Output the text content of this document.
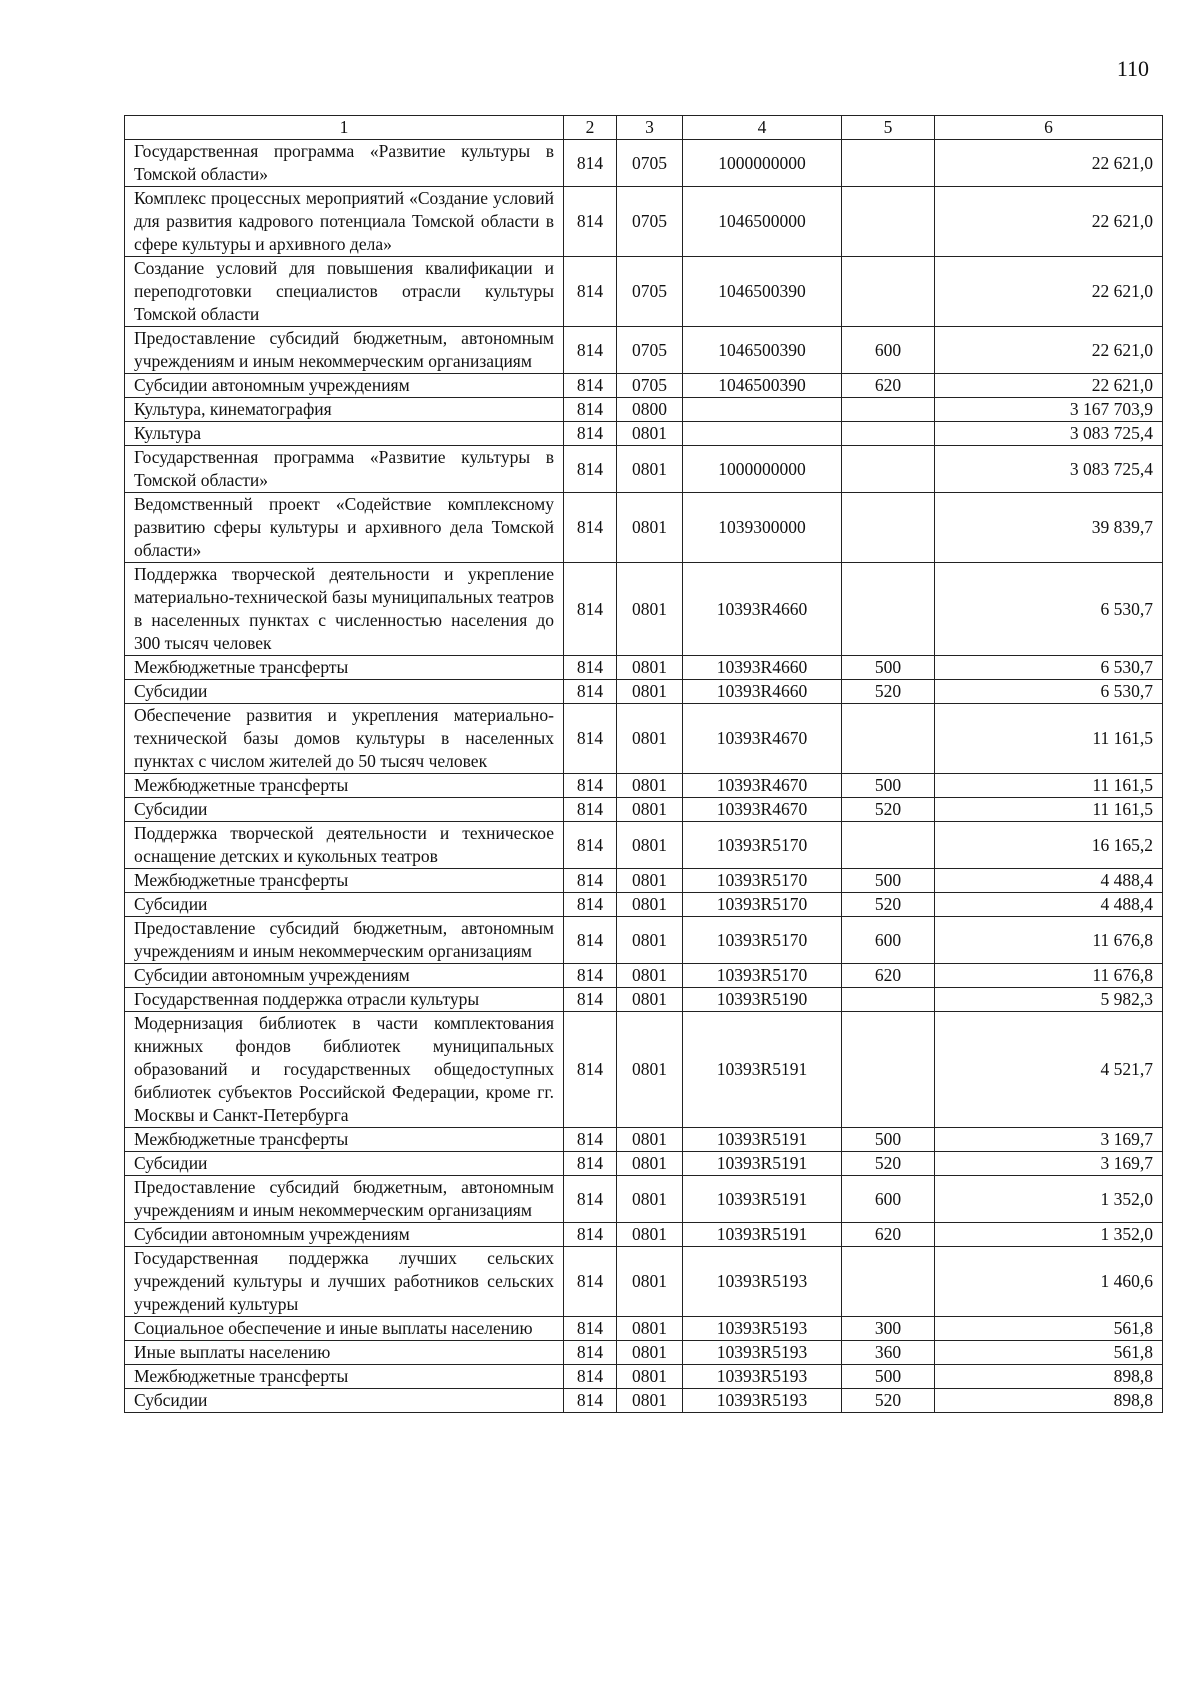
110
1	2	3	4	5	6
Государственная программа «Развитие культуры в Томской области»	814	0705	1000000000		22 621,0
Комплекс процессных мероприятий «Создание условий для развития кадрового потенциала Томской области в сфере культуры и архивного дела»	814	0705	1046500000		22 621,0
Создание условий для повышения квалификации и переподготовки специалистов отрасли культуры Томской области	814	0705	1046500390		22 621,0
Предоставление субсидий бюджетным, автономным учреждениям и иным некоммерческим организациям	814	0705	1046500390	600	22 621,0
Субсидии автономным учреждениям	814	0705	1046500390	620	22 621,0
Культура, кинематография	814	0800			3 167 703,9
Культура	814	0801			3 083 725,4
Государственная программа «Развитие культуры в Томской области»	814	0801	1000000000		3 083 725,4
Ведомственный проект «Содействие комплексному развитию сферы культуры и архивного дела Томской области»	814	0801	1039300000		39 839,7
Поддержка творческой деятельности и укрепление материально-технической базы муниципальных театров в населенных пунктах с численностью населения до 300 тысяч человек	814	0801	10393R4660		6 530,7
Межбюджетные трансферты	814	0801	10393R4660	500	6 530,7
Субсидии	814	0801	10393R4660	520	6 530,7
Обеспечение развития и укрепления материально-технической базы домов культуры в населенных пунктах с числом жителей до 50 тысяч человек	814	0801	10393R4670		11 161,5
Межбюджетные трансферты	814	0801	10393R4670	500	11 161,5
Субсидии	814	0801	10393R4670	520	11 161,5
Поддержка творческой деятельности и техническое оснащение детских и кукольных театров	814	0801	10393R5170		16 165,2
Межбюджетные трансферты	814	0801	10393R5170	500	4 488,4
Субсидии	814	0801	10393R5170	520	4 488,4
Предоставление субсидий бюджетным, автономным учреждениям и иным некоммерческим организациям	814	0801	10393R5170	600	11 676,8
Субсидии автономным учреждениям	814	0801	10393R5170	620	11 676,8
Государственная поддержка отрасли культуры	814	0801	10393R5190		5 982,3
Модернизация библиотек в части комплектования книжных фондов библиотек муниципальных образований и государственных общедоступных библиотек субъектов Российской Федерации, кроме гг. Москвы и Санкт-Петербурга	814	0801	10393R5191		4 521,7
Межбюджетные трансферты	814	0801	10393R5191	500	3 169,7
Субсидии	814	0801	10393R5191	520	3 169,7
Предоставление субсидий бюджетным, автономным учреждениям и иным некоммерческим организациям	814	0801	10393R5191	600	1 352,0
Субсидии автономным учреждениям	814	0801	10393R5191	620	1 352,0
Государственная поддержка лучших сельских учреждений культуры и лучших работников сельских учреждений культуры	814	0801	10393R5193		1 460,6
Социальное обеспечение и иные выплаты населению	814	0801	10393R5193	300	561,8
Иные выплаты населению	814	0801	10393R5193	360	561,8
Межбюджетные трансферты	814	0801	10393R5193	500	898,8
Субсидии	814	0801	10393R5193	520	898,8
